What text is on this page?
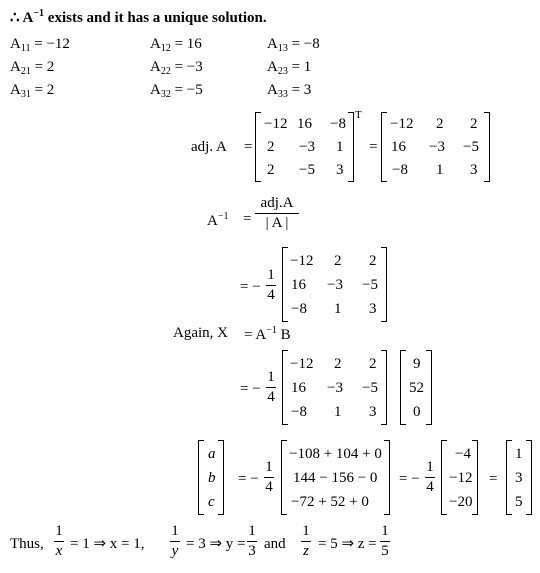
∴ $A^{-1}$ exists and it has a unique solution.
$A_{11} = -12$	$A_{12} = 16$	$A_{13} = -8$
$A_{21} = 2$	$A_{22} = -3$	$A_{23} = 1$
$A_{31} = 2$	$A_{32} = -5$	$A_{33} = 3$
adj. A =
−12 16 −8
2 −3 1
2 −5 3
T
=
−12 2 2
16 −3 −5
−8 1 3
$A^{-1}$ =
adj.A
| A |
= −
1
4
−12 2 2
16 −3 −5
−8 1 3
Again, $X = A^{-1}$ B
= −
1
4
−12 2 2
16 −3 −5
−8 1 3
9
52
0
a
b
c
= −
1
4
−108 + 104 + 0
144 − 156 − 0
−72 + 52 + 0
= −
1
4
−4
−12
−20
=
1
3
5
Thus,
1
x = 1 ⇒ x = 1,
1
y = 3 ⇒ y =
1
3 and
1
z = 5 ⇒ z =
1
5
